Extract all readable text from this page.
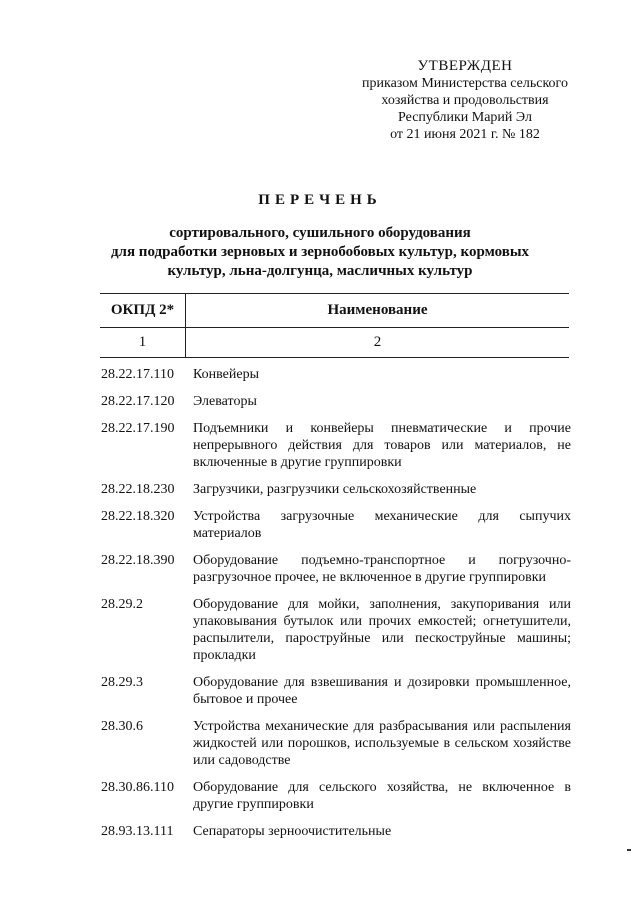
УТВЕРЖДЕН
приказом Министерства сельского
хозяйства и продовольствия
Республики Марий Эл
от 21 июня 2021 г. № 182
ПЕРЕЧЕНЬ
сортировального, сушильного оборудования
для подработки зерновых и зернобобовых культур, кормовых
культур, льна-долгунца, масличных культур
ОКПД 2*	Наименование
1	2
28.22.17.110	Конвейеры
28.22.17.120	Элеваторы
28.22.17.190	Подъемники и конвейеры пневматические и прочие непрерывного действия для товаров или материалов, не включенные в другие группировки
28.22.18.230	Загрузчики, разгрузчики сельскохозяйственные
28.22.18.320	Устройства загрузочные механические для сыпучих материалов
28.22.18.390	Оборудование подъемно-транспортное и погрузочно-разгрузочное прочее, не включенное в другие группировки
28.29.2	Оборудование для мойки, заполнения, закупоривания или упаковывания бутылок или прочих емкостей; огнетушители, распылители, пароструйные или пескоструйные машины; прокладки
28.29.3	Оборудование для взвешивания и дозировки промышленное, бытовое и прочее
28.30.6	Устройства механические для разбрасывания или распыления жидкостей или порошков, используемые в сельском хозяйстве или садоводстве
28.30.86.110	Оборудование для сельского хозяйства, не включенное в другие группировки
28.93.13.111	Сепараторы зерноочистительные
